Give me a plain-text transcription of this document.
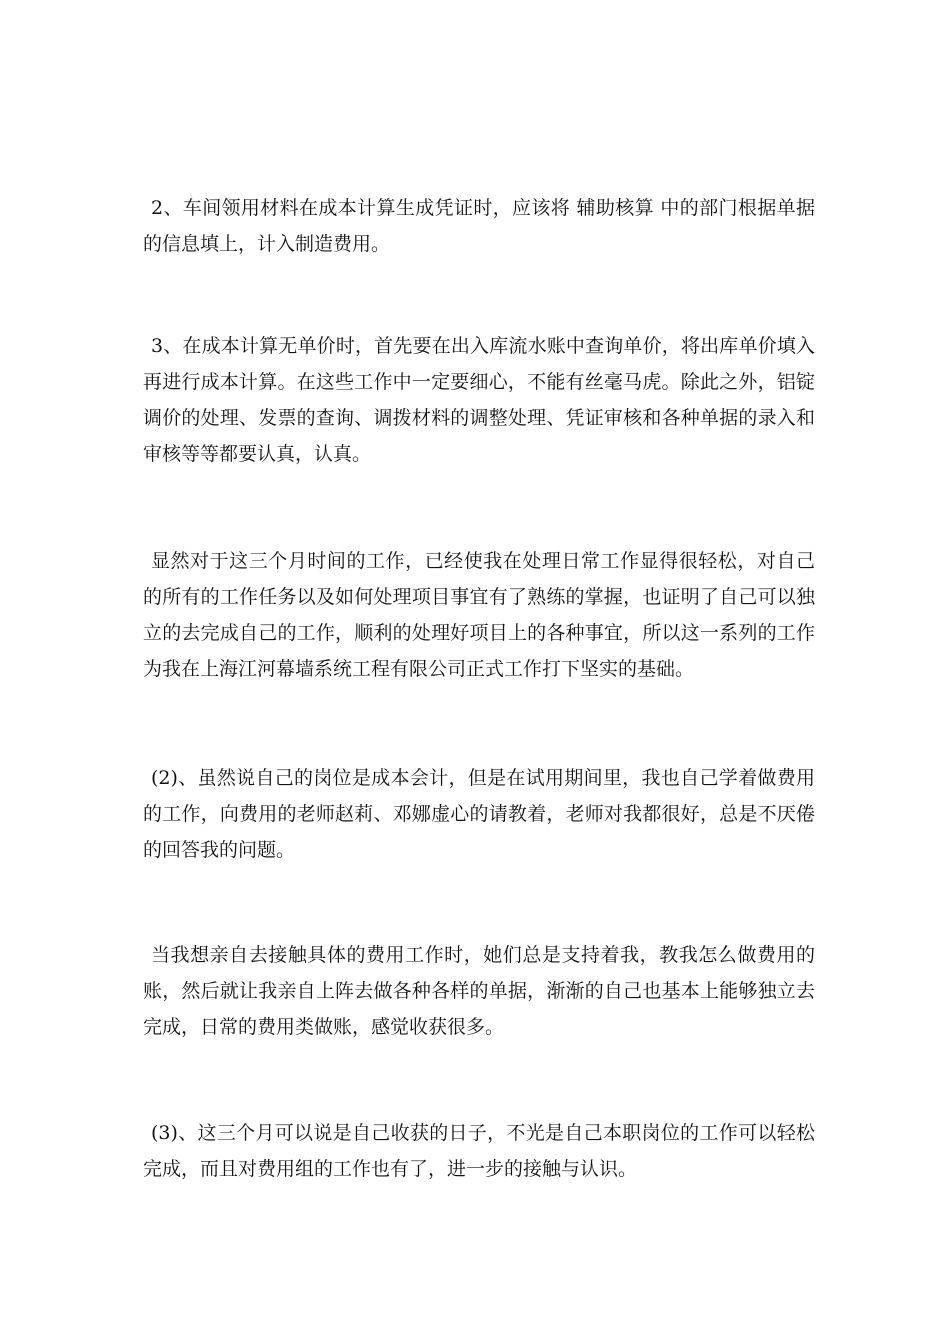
2、车间领用材料在成本计算生成凭证时，应该将 辅助核算 中的部门根据单据的信息填上，计入制造费用。

3、在成本计算无单价时，首先要在出入库流水账中查询单价，将出库单价填入再进行成本计算。在这些工作中一定要细心，不能有丝毫马虎。除此之外，铝锭调价的处理、发票的查询、调拨材料的调整处理、凭证审核和各种单据的录入和审核等等都要认真，认真。

显然对于这三个月时间的工作，已经使我在处理日常工作显得很轻松，对自己的所有的工作任务以及如何处理项目事宜有了熟练的掌握，也证明了自己可以独立的去完成自己的工作，顺利的处理好项目上的各种事宜，所以这一系列的工作为我在上海江河幕墙系统工程有限公司正式工作打下坚实的基础。

(2)、虽然说自己的岗位是成本会计，但是在试用期间里，我也自己学着做费用的工作，向费用的老师赵莉、邓娜虚心的请教着，老师对我都很好，总是不厌倦的回答我的问题。

当我想亲自去接触具体的费用工作时，她们总是支持着我，教我怎么做费用的账，然后就让我亲自上阵去做各种各样的单据，渐渐的自己也基本上能够独立去完成，日常的费用类做账，感觉收获很多。

(3)、这三个月可以说是自己收获的日子，不光是自己本职岗位的工作可以轻松完成，而且对费用组的工作也有了，进一步的接触与认识。
